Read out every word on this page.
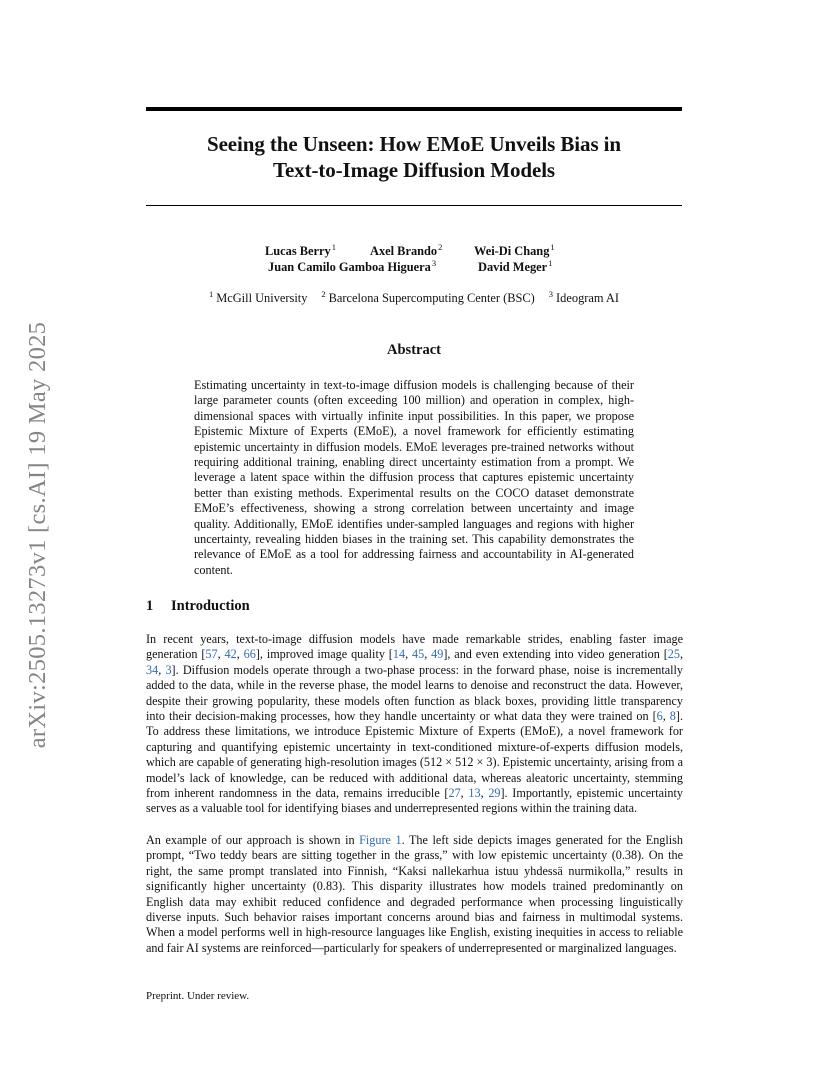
arXiv:2505.13273v1 [cs.AI] 19 May 2025
Seeing the Unseen: How EMoE Unveils Bias in
Text-to-Image Diffusion Models
Lucas Berry$^1$	Axel Brando$^2$	Wei-Di Chang$^1$
Juan Camilo Gamboa Higuera$^3$	David Meger$^1$
$^1$ McGill University $^2$ Barcelona Supercomputing Center (BSC) $^3$ Ideogram AI
Abstract
Estimating uncertainty in text-to-image diffusion models is challenging because of their large parameter counts (often exceeding 100 million) and operation in complex, high-dimensional spaces with virtually infinite input possibilities. In this paper, we propose Epistemic Mixture of Experts (EMoE), a novel framework for efficiently estimating epistemic uncertainty in diffusion models. EMoE leverages pre-trained networks without requiring additional training, enabling direct uncertainty estimation from a prompt. We leverage a latent space within the diffusion process that captures epistemic uncertainty better than existing methods. Experimental results on the COCO dataset demonstrate EMoE’s effectiveness, showing a strong correlation between uncertainty and image quality. Additionally, EMoE identifies under-sampled languages and regions with higher uncertainty, revealing hidden biases in the training set. This capability demonstrates the relevance of EMoE as a tool for addressing fairness and accountability in AI-generated content.
1 Introduction
In recent years, text-to-image diffusion models have made remarkable strides, enabling faster image generation [57, 42, 66], improved image quality [14, 45, 49], and even extending into video generation [25, 34, 3]. Diffusion models operate through a two-phase process: in the forward phase, noise is incrementally added to the data, while in the reverse phase, the model learns to denoise and reconstruct the data. However, despite their growing popularity, these models often function as black boxes, providing little transparency into their decision-making processes, how they handle uncertainty or what data they were trained on [6, 8]. To address these limitations, we introduce Epistemic Mixture of Experts (EMoE), a novel framework for capturing and quantifying epistemic uncertainty in text-conditioned mixture-of-experts diffusion models, which are capable of generating high-resolution images (512 × 512 × 3). Epistemic uncertainty, arising from a model’s lack of knowledge, can be reduced with additional data, whereas aleatoric uncertainty, stemming from inherent randomness in the data, remains irreducible [27, 13, 29]. Importantly, epistemic uncertainty serves as a valuable tool for identifying biases and underrepresented regions within the training data.
An example of our approach is shown in Figure 1. The left side depicts images generated for the English prompt, “Two teddy bears are sitting together in the grass,” with low epistemic uncertainty (0.38). On the right, the same prompt translated into Finnish, “Kaksi nallekarhua istuu yhdessä nurmikolla,” results in significantly higher uncertainty (0.83). This disparity illustrates how models trained predominantly on English data may exhibit reduced confidence and degraded performance when processing linguistically diverse inputs. Such behavior raises important concerns around bias and fairness in multimodal systems. When a model performs well in high-resource languages like English, existing inequities in access to reliable and fair AI systems are reinforced—particularly for speakers of underrepresented or marginalized languages.
Preprint. Under review.
